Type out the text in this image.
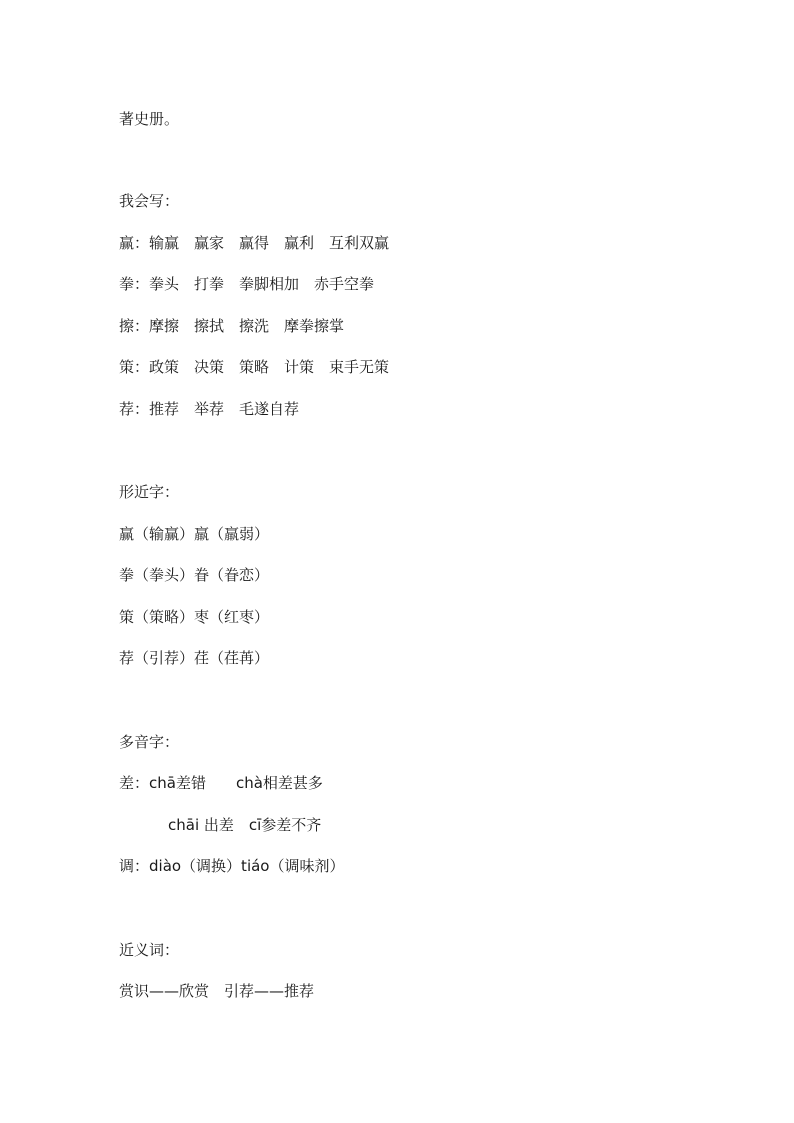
著史册。
我会写：
赢：输赢　赢家　赢得　赢利　互利双赢
拳：拳头　打拳　拳脚相加　赤手空拳
擦：摩擦　擦拭　擦洗　摩拳擦掌
策：政策　决策　策略　计策　束手无策
荐：推荐　举荐　毛遂自荐
形近字：
赢（输赢）羸（羸弱）
拳（拳头）眷（眷恋）
策（策略）枣（红枣）
荐（引荐）荏（荏苒）
多音字：
差：chā差错　　chà相差甚多
chāi 出差　cī参差不齐
调：diào（调换）tiáo（调味剂）
近义词：
赏识——欣赏　引荐——推荐
